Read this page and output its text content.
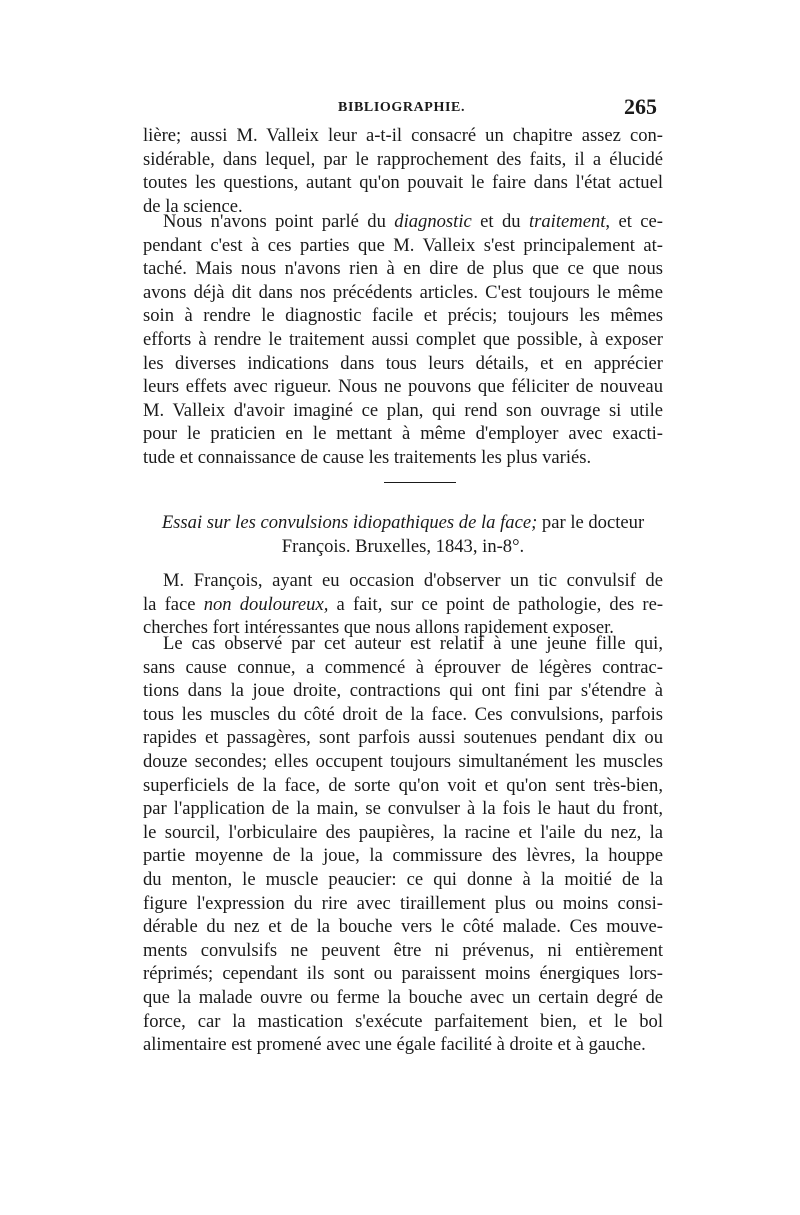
BIBLIOGRAPHIE.	265
lière; aussi M. Valleix leur a-t-il consacré un chapitre assez con-
sidérable, dans lequel, par le rapprochement des faits, il a élucidé
toutes les questions, autant qu'on pouvait le faire dans l'état actuel
de la science.
Nous n'avons point parlé du diagnostic et du traitement, et ce-
pendant c'est à ces parties que M. Valleix s'est principalement at-
taché. Mais nous n'avons rien à en dire de plus que ce que nous
avons déjà dit dans nos précédents articles. C'est toujours le même
soin à rendre le diagnostic facile et précis; toujours les mêmes
efforts à rendre le traitement aussi complet que possible, à exposer
les diverses indications dans tous leurs détails, et en apprécier
leurs effets avec rigueur. Nous ne pouvons que féliciter de nouveau
M. Valleix d'avoir imaginé ce plan, qui rend son ouvrage si utile
pour le praticien en le mettant à même d'employer avec exacti-
tude et connaissance de cause les traitements les plus variés.
Essai sur les convulsions idiopathiques de la face; par le docteur
François. Bruxelles, 1843, in-8°.
M. François, ayant eu occasion d'observer un tic convulsif de
la face non douloureux, a fait, sur ce point de pathologie, des re-
cherches fort intéressantes que nous allons rapidement exposer.
Le cas observé par cet auteur est relatif à une jeune fille qui,
sans cause connue, a commencé à éprouver de légères contrac-
tions dans la joue droite, contractions qui ont fini par s'étendre à
tous les muscles du côté droit de la face. Ces convulsions, parfois
rapides et passagères, sont parfois aussi soutenues pendant dix ou
douze secondes; elles occupent toujours simultanément les muscles
superficiels de la face, de sorte qu'on voit et qu'on sent très-bien,
par l'application de la main, se convulser à la fois le haut du front,
le sourcil, l'orbiculaire des paupières, la racine et l'aile du nez, la
partie moyenne de la joue, la commissure des lèvres, la houppe
du menton, le muscle peaucier: ce qui donne à la moitié de la
figure l'expression du rire avec tiraillement plus ou moins consi-
dérable du nez et de la bouche vers le côté malade. Ces mouve-
ments convulsifs ne peuvent être ni prévenus, ni entièrement
réprimés; cependant ils sont ou paraissent moins énergiques lors-
que la malade ouvre ou ferme la bouche avec un certain degré de
force, car la mastication s'exécute parfaitement bien, et le bol
alimentaire est promené avec une égale facilité à droite et à gauche.
